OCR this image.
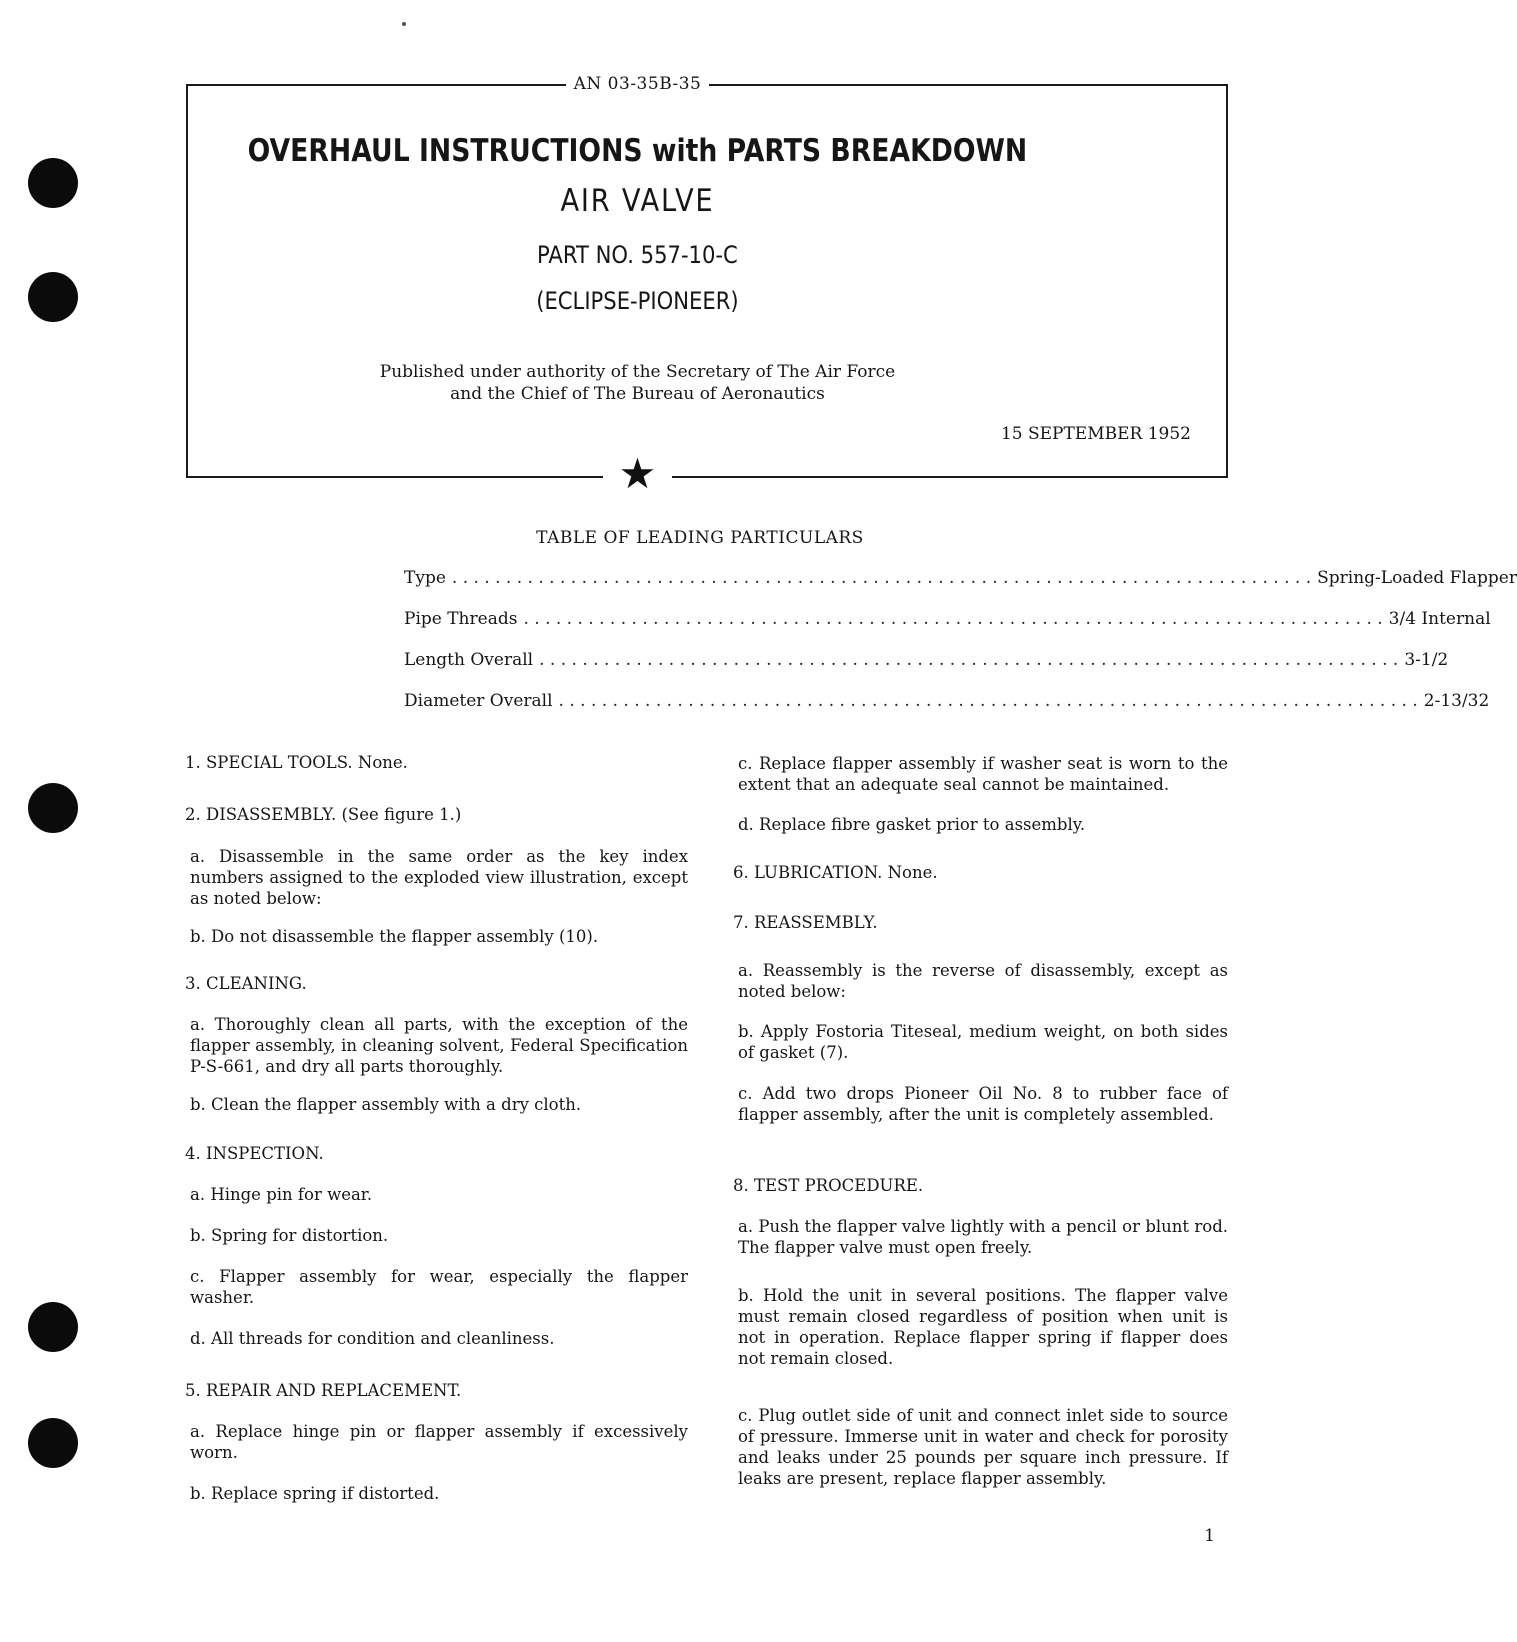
AN 03-35B-35
OVERHAUL INSTRUCTIONS with PARTS BREAKDOWN
AIR VALVE
PART NO. 557-10-C
(ECLIPSE-PIONEER)
Published under authority of the Secretary of The Air Force
and the Chief of The Bureau of Aeronautics
15 SEPTEMBER 1952
★
TABLE OF LEADING PARTICULARS
Type . . . . . . . . . . . . . . . . . . . . . . . . . . . . . . . . . . . . . . . . . . . . . . . . . . . . . . . . . . . . . . . . . . . . . . . . . . . . . . . . Spring-Loaded Flapper
Pipe Threads . . . . . . . . . . . . . . . . . . . . . . . . . . . . . . . . . . . . . . . . . . . . . . . . . . . . . . . . . . . . . . . . . . . . . . . . . . . . . . . . 3/4 Internal
Length Overall . . . . . . . . . . . . . . . . . . . . . . . . . . . . . . . . . . . . . . . . . . . . . . . . . . . . . . . . . . . . . . . . . . . . . . . . . . . . . . . . 3-1/2
Diameter Overall . . . . . . . . . . . . . . . . . . . . . . . . . . . . . . . . . . . . . . . . . . . . . . . . . . . . . . . . . . . . . . . . . . . . . . . . . . . . . . . . 2-13/32
1. SPECIAL TOOLS. None.
2. DISASSEMBLY. (See figure 1.)
a. Disassemble in the same order as the key index numbers assigned to the exploded view illustration, except as noted below:
b. Do not disassemble the flapper assembly (10).
3. CLEANING.
a. Thoroughly clean all parts, with the exception of the flapper assembly, in cleaning solvent, Federal Specification P-S-661, and dry all parts thoroughly.
b. Clean the flapper assembly with a dry cloth.
4. INSPECTION.
a. Hinge pin for wear.
b. Spring for distortion.
c. Flapper assembly for wear, especially the flapper washer.
d. All threads for condition and cleanliness.
5. REPAIR AND REPLACEMENT.
a. Replace hinge pin or flapper assembly if excessively worn.
b. Replace spring if distorted.
c. Replace flapper assembly if washer seat is worn to the extent that an adequate seal cannot be maintained.
d. Replace fibre gasket prior to assembly.
6. LUBRICATION. None.
7. REASSEMBLY.
a. Reassembly is the reverse of disassembly, except as noted below:
b. Apply Fostoria Titeseal, medium weight, on both sides of gasket (7).
c. Add two drops Pioneer Oil No. 8 to rubber face of flapper assembly, after the unit is completely assembled.
8. TEST PROCEDURE.
a. Push the flapper valve lightly with a pencil or blunt rod. The flapper valve must open freely.
b. Hold the unit in several positions. The flapper valve must remain closed regardless of position when unit is not in operation. Replace flapper spring if flapper does not remain closed.
c. Plug outlet side of unit and connect inlet side to source of pressure. Immerse unit in water and check for porosity and leaks under 25 pounds per square inch pressure. If leaks are present, replace flapper assembly.
1
